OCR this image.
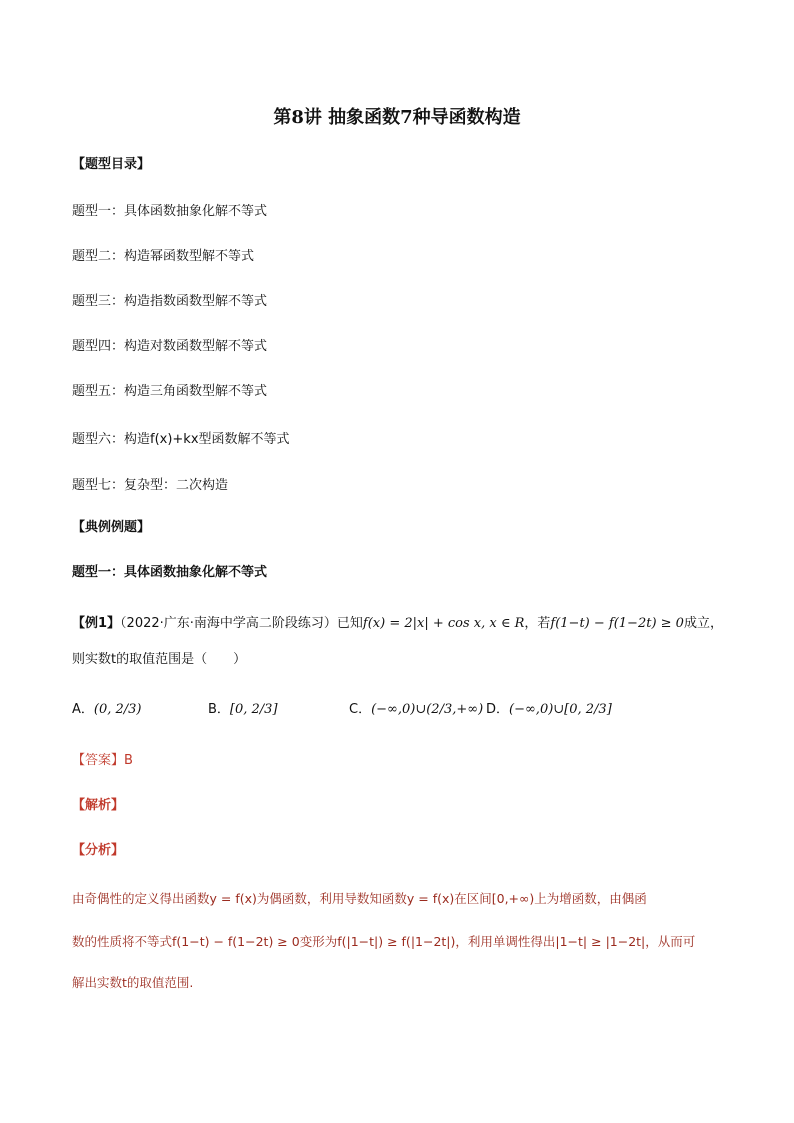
第8讲 抽象函数7种导函数构造
【题型目录】
题型一：具体函数抽象化解不等式
题型二：构造幂函数型解不等式
题型三：构造指数函数型解不等式
题型四：构造对数函数型解不等式
题型五：构造三角函数型解不等式
题型六：构造f(x)+kx型函数解不等式
题型七：复杂型：二次构造
【典例例题】
题型一：具体函数抽象化解不等式
【例1】（2022·广东·南海中学高二阶段练习）已知f(x) = 2|x| + cos x, x ∈ R，若f(1−t) − f(1−2t) ≥ 0成立，
则实数t的取值范围是（　　）
A．(0, 2/3)	B．[0, 2/3]	C．(−∞,0)∪(2/3,+∞) D．(−∞,0)∪[0, 2/3]
【答案】B
【解析】
【分析】
由奇偶性的定义得出函数y = f(x)为偶函数，利用导数知函数y = f(x)在区间[0,+∞)上为增函数，由偶函
数的性质将不等式f(1−t) − f(1−2t) ≥ 0变形为f(|1−t|) ≥ f(|1−2t|)，利用单调性得出|1−t| ≥ |1−2t|，从而可
解出实数t的取值范围.
